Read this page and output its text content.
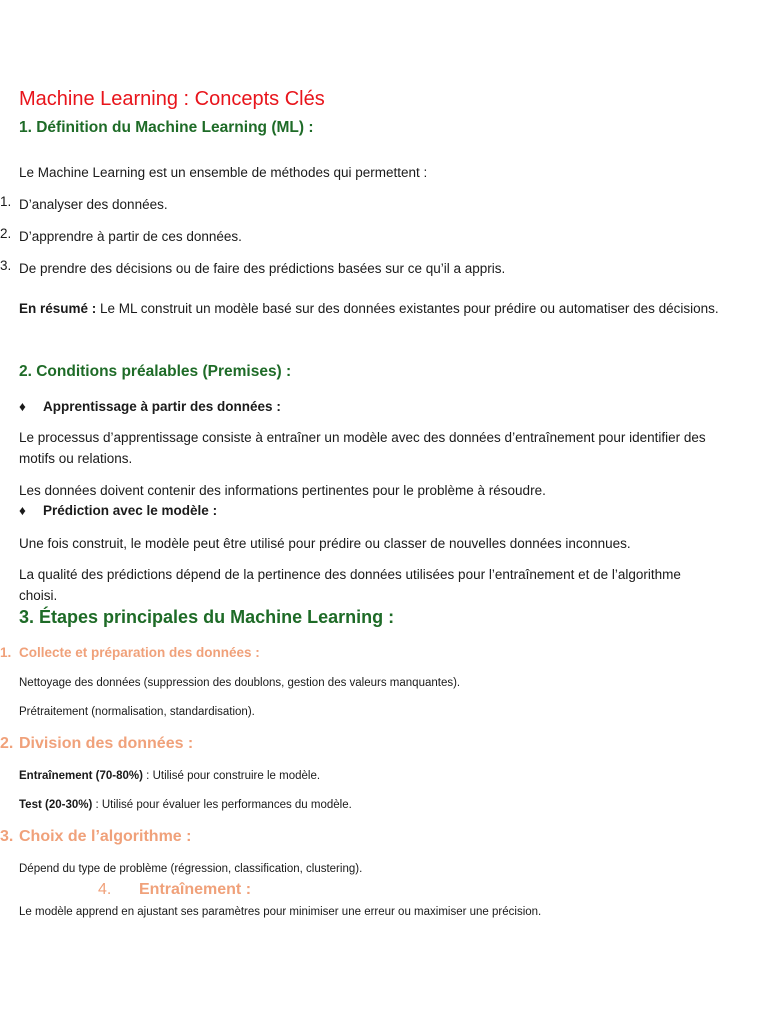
Machine Learning : Concepts Clés
1. Définition du Machine Learning (ML) :
Le Machine Learning est un ensemble de méthodes qui permettent :
1. D’analyser des données.
2. D’apprendre à partir de ces données.
3. De prendre des décisions ou de faire des prédictions basées sur ce qu’il a appris.
En résumé : Le ML construit un modèle basé sur des données existantes pour prédire ou automatiser des décisions.
2. Conditions préalables (Premises) :
♦ Apprentissage à partir des données :
Le processus d’apprentissage consiste à entraîner un modèle avec des données d’entraînement pour identifier des motifs ou relations.
Les données doivent contenir des informations pertinentes pour le problème à résoudre.
♦ Prédiction avec le modèle :
Une fois construit, le modèle peut être utilisé pour prédire ou classer de nouvelles données inconnues.
La qualité des prédictions dépend de la pertinence des données utilisées pour l’entraînement et de l’algorithme choisi.
3. Étapes principales du Machine Learning :
1. Collecte et préparation des données :
Nettoyage des données (suppression des doublons, gestion des valeurs manquantes).
Prétraitement (normalisation, standardisation).
2. Division des données :
Entraînement (70-80%) : Utilisé pour construire le modèle.
Test (20-30%) : Utilisé pour évaluer les performances du modèle.
3. Choix de l’algorithme :
Dépend du type de problème (régression, classification, clustering).
4. Entraînement :
Le modèle apprend en ajustant ses paramètres pour minimiser une erreur ou maximiser une précision.
